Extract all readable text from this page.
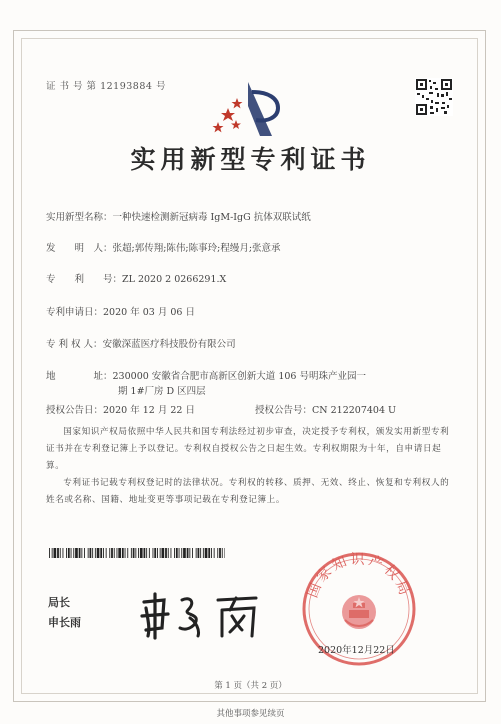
证 书 号 第 12193884 号
实用新型专利证书
实用新型名称：一种快速检测新冠病毒 IgM-IgG 抗体双联试纸
发　　明　人：张超;郭传翔;陈伟;陈事玲;程缦月;张意承
专　　利　　号：ZL 2020 2 0266291.X
专利申请日：2020 年 03 月 06 日
专 利 权 人：安徽深蓝医疗科技股份有限公司
地　　　　址：230000 安徽省合肥市高新区创新大道 106 号明珠产业园一
期 1#厂房 D 区四层
授权公告日：2020 年 12 月 22 日	授权公告号：CN 212207404 U
国家知识产权局依照中华人民共和国专利法经过初步审查，决定授予专利权，颁发实用新型专利证书并在专利登记簿上予以登记。专利权自授权公告之日起生效。专利权期限为十年，自申请日起算。
专利证书记载专利权登记时的法律状况。专利权的转移、质押、无效、终止、恢复和专利权人的姓名或名称、国籍、地址变更等事项记载在专利登记簿上。
局长
申长雨
国家知识产权局
2020年12月22日
第 1 页（共 2 页）
其他事项参见续页
